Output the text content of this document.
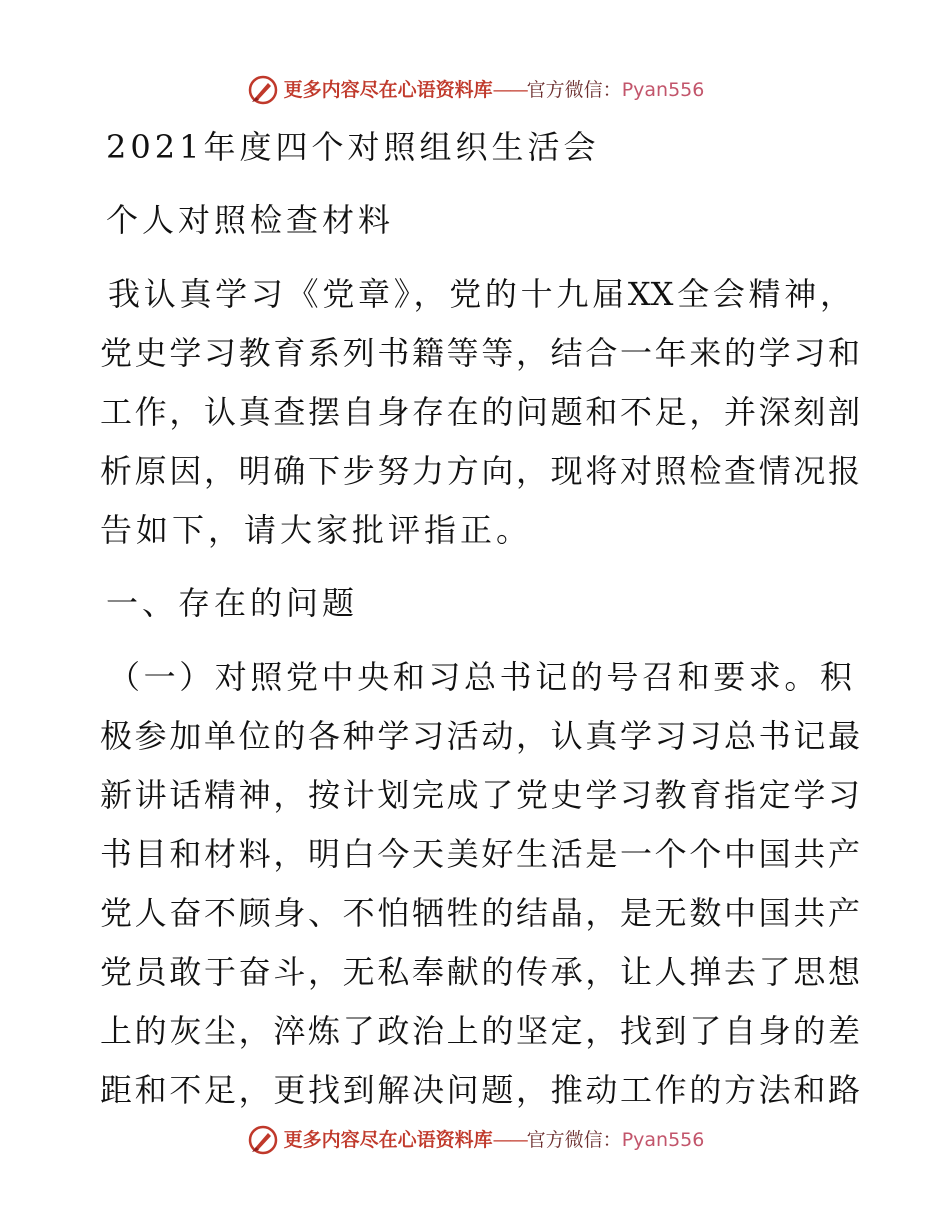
更多内容尽在心语资料库——官方微信：Pyan556
2021年度四个对照组织生活会
个人对照检查材料
我认真学习《党章》，党的十九届XX全会精神，
党史学习教育系列书籍等等，结合一年来的学习和
工作，认真查摆自身存在的问题和不足，并深刻剖
析原因，明确下步努力方向，现将对照检查情况报
告如下，请大家批评指正。
一、存在的问题
（一）对照党中央和习总书记的号召和要求。积
极参加单位的各种学习活动，认真学习习总书记最
新讲话精神，按计划完成了党史学习教育指定学习
书目和材料，明白今天美好生活是一个个中国共产
党人奋不顾身、不怕牺牲的结晶，是无数中国共产
党员敢于奋斗，无私奉献的传承，让人掸去了思想
上的灰尘，淬炼了政治上的坚定，找到了自身的差
距和不足，更找到解决问题，推动工作的方法和路
更多内容尽在心语资料库——官方微信：Pyan556
